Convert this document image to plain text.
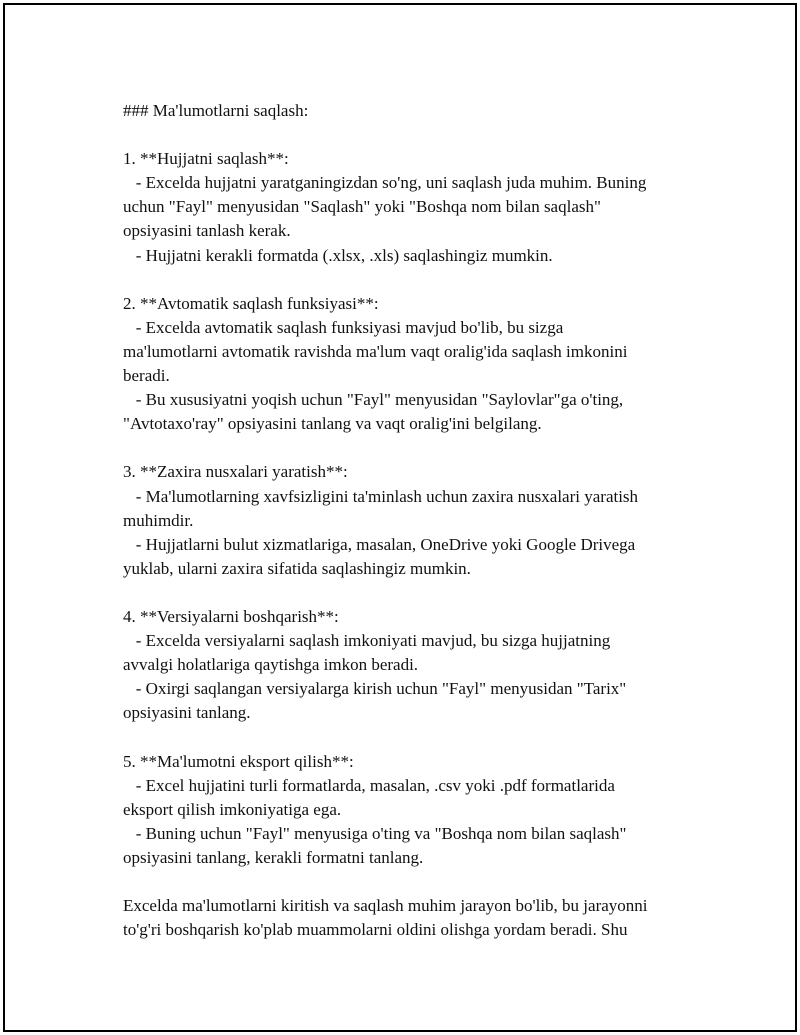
### Ma'lumotlarni saqlash:

1. **Hujjatni saqlash**:
- Excelda hujjatni yaratganingizdan so'ng, uni saqlash juda muhim. Buning
uchun "Fayl" menyusidan "Saqlash" yoki "Boshqa nom bilan saqlash"
opsiyasini tanlash kerak.
- Hujjatni kerakli formatda (.xlsx, .xls) saqlashingiz mumkin.

2. **Avtomatik saqlash funksiyasi**:
- Excelda avtomatik saqlash funksiyasi mavjud bo'lib, bu sizga
ma'lumotlarni avtomatik ravishda ma'lum vaqt oralig'ida saqlash imkonini
beradi.
- Bu xususiyatni yoqish uchun "Fayl" menyusidan "Saylovlar"ga o'ting,
"Avtotaxo'ray" opsiyasini tanlang va vaqt oralig'ini belgilang.

3. **Zaxira nusxalari yaratish**:
- Ma'lumotlarning xavfsizligini ta'minlash uchun zaxira nusxalari yaratish
muhimdir.
- Hujjatlarni bulut xizmatlariga, masalan, OneDrive yoki Google Drivega
yuklab, ularni zaxira sifatida saqlashingiz mumkin.

4. **Versiyalarni boshqarish**:
- Excelda versiyalarni saqlash imkoniyati mavjud, bu sizga hujjatning
avvalgi holatlariga qaytishga imkon beradi.
- Oxirgi saqlangan versiyalarga kirish uchun "Fayl" menyusidan "Tarix"
opsiyasini tanlang.

5. **Ma'lumotni eksport qilish**:
- Excel hujjatini turli formatlarda, masalan, .csv yoki .pdf formatlarida
eksport qilish imkoniyatiga ega.
- Buning uchun "Fayl" menyusiga o'ting va "Boshqa nom bilan saqlash"
opsiyasini tanlang, kerakli formatni tanlang.

Excelda ma'lumotlarni kiritish va saqlash muhim jarayon bo'lib, bu jarayonni
to'g'ri boshqarish ko'plab muammolarni oldini olishga yordam beradi. Shu
